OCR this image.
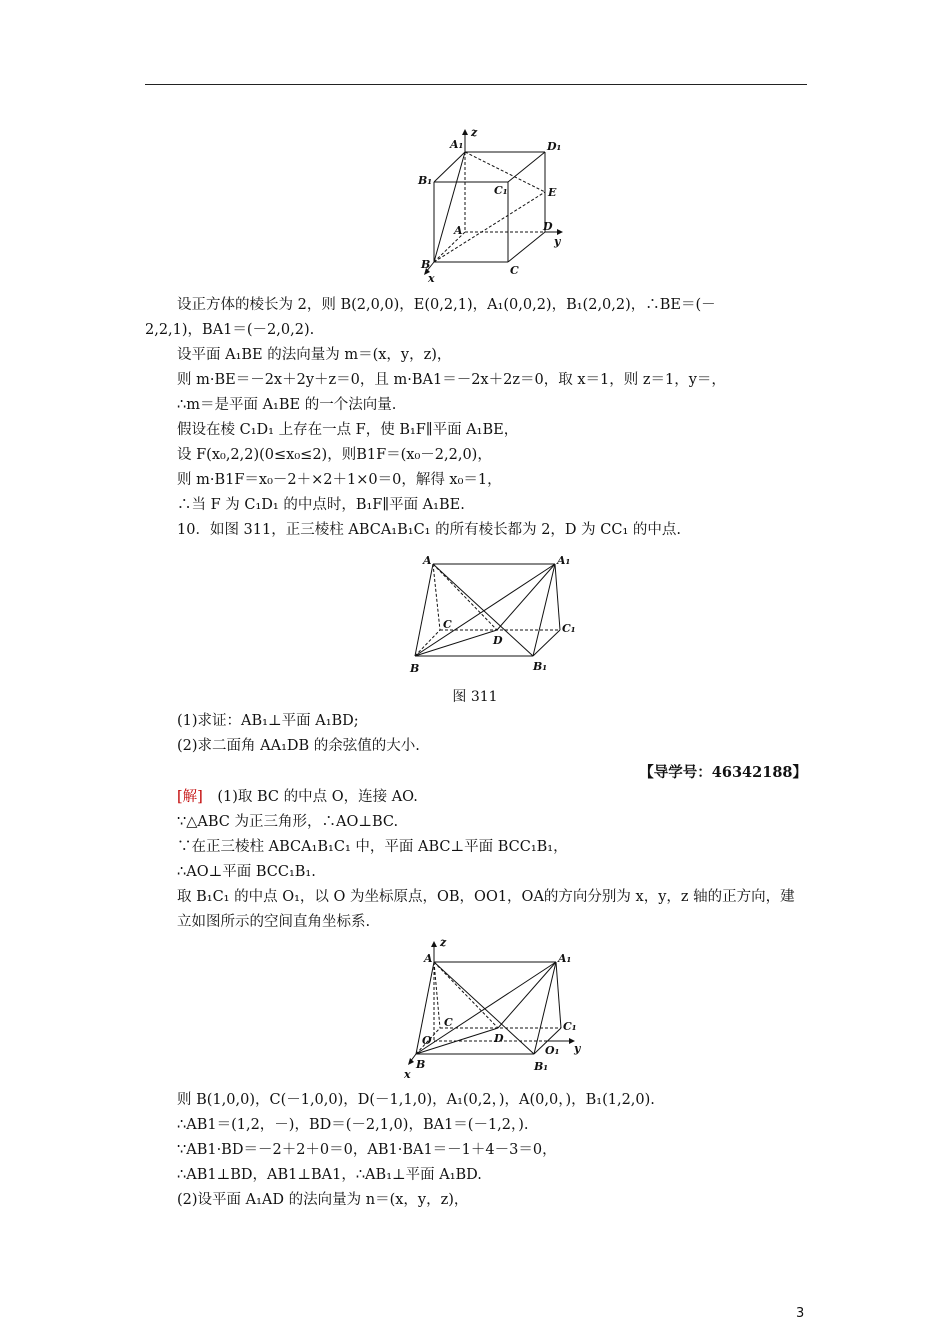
z
A₁	D₁
B₁
C₁	E
A	D
y
B	C
x
设正方体的棱长为 2，则 B(2,0,0)，E(0,2,1)，A₁(0,0,2)，B₁(2,0,2)，∴BE＝(－
2,2,1)，BA1＝(－2,0,2).
设平面 A₁BE 的法向量为 m＝(x，y，z)，
则 m·BE＝－2x＋2y＋z＝0，且 m·BA1＝－2x＋2z＝0，取 x＝1，则 z＝1，y＝，
∴m＝是平面 A₁BE 的一个法向量.
假设在棱 C₁D₁ 上存在一点 F，使 B₁F∥平面 A₁BE，
设 F(x₀,2,2)(0≤x₀≤2)，则B1F＝(x₀－2,2,0)，
则 m·B1F＝x₀－2＋×2＋1×0＝0，解得 x₀＝1，
∴当 F 为 C₁D₁ 的中点时，B₁F∥平面 A₁BE.
10．如图 311，正三棱柱 ABCA₁B₁C₁ 的所有棱长都为 2，D 为 CC₁ 的中点.
A	A₁
C	C₁
D
B	B₁
图 311
(1)求证：AB₁⊥平面 A₁BD;
(2)求二面角 AA₁DB 的余弦值的大小.
【导学号：46342188】
[解]　 (1)取 BC 的中点 O，连接 AO.
∵△ABC 为正三角形，∴AO⊥BC.
∵在正三棱柱 ABCA₁B₁C₁ 中，平面 ABC⊥平面 BCC₁B₁，
∴AO⊥平面 BCC₁B₁.
取 B₁C₁ 的中点 O₁，以 O 为坐标原点，OB，OO1，OA的方向分别为 x，y，z 轴的正方向，建立如图所示的空间直角坐标系.
z
A	A₁
C	C₁
O	D
O₁ y
B	B₁
x
则 B(1,0,0)，C(－1,0,0)，D(－1,1,0)，A₁(0,2，)，A(0,0，)，B₁(1,2,0).
∴AB1＝(1,2，－)，BD＝(－2,1,0)，BA1＝(－1,2，).
∵AB1·BD＝－2＋2＋0＝0，AB1·BA1＝－1＋4－3＝0，
∴AB1⊥BD，AB1⊥BA1，∴AB₁⊥平面 A₁BD.
(2)设平面 A₁AD 的法向量为 n＝(x，y，z)，
3
